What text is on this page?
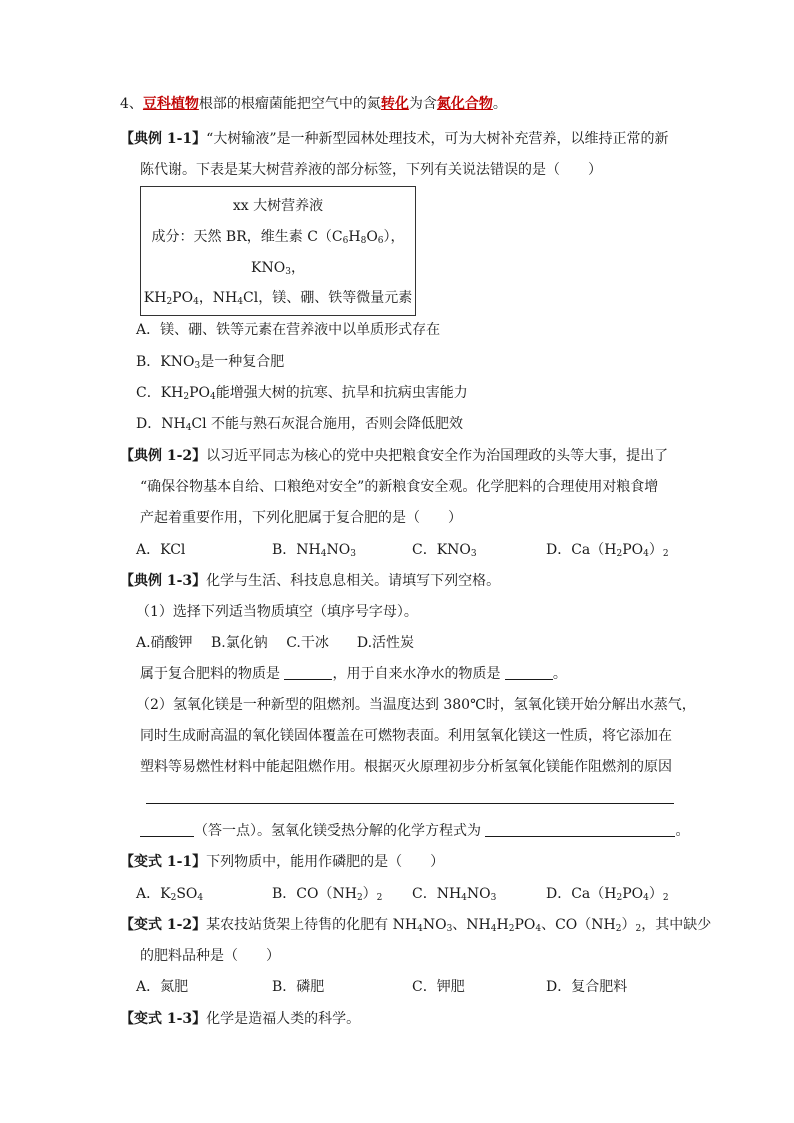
4、豆科植物根部的根瘤菌能把空气中的氮转化为含氮化合物。
【典例 1-1】“大树输液”是一种新型园林处理技术，可为大树补充营养，以维持正常的新
陈代谢。下表是某大树营养液的部分标签，下列有关说法错误的是（　　）
xx 大树营养液
成分：天然 BR，维生素 $C(C_6H_8O_6)$，
$KNO_3$，
$KH_2PO_4$，$NH_4Cl$，镁、硼、铁等微量元素
A．镁、硼、铁等元素在营养液中以单质形式存在
B．$KNO_3$是一种复合肥
C．$KH_2PO_4$能增强大树的抗寒、抗旱和抗病虫害能力
D．$NH_4Cl$ 不能与熟石灰混合施用，否则会降低肥效
【典例 1-2】以习近平同志为核心的党中央把粮食安全作为治国理政的头等大事，提出了
“确保谷物基本自给、口粮绝对安全”的新粮食安全观。化学肥料的合理使用对粮食增
产起着重要作用，下列化肥属于复合肥的是（　　）
A．KCl	B．$NH_4NO_3$	C．$KNO_3$	D．$Ca(H_2PO_4)_2$
【典例 1-3】化学与生活、科技息息相关。请填写下列空格。
（1）选择下列适当物质填空（填序号字母）。
A.硝酸钾　 B.氯化钠　 C.干冰　　D.活性炭
属于复合肥料的物质是	，用于自来水净水的物质是	。
（2）氢氧化镁是一种新型的阻燃剂。当温度达到 380℃时，氢氧化镁开始分解出水蒸气，
同时生成耐高温的氧化镁固体覆盖在可燃物表面。利用氢氧化镁这一性质，将它添加在
塑料等易燃性材料中能起阻燃作用。根据灭火原理初步分析氢氧化镁能作阻燃剂的原因
（答一点）。氢氧化镁受热分解的化学方程式为	。
【变式 1-1】下列物质中，能用作磷肥的是（　　）
A．$K_2SO_4$	B．$CO(NH_2)_2$ C．$NH_4NO_3$	D．$Ca(H_2PO_4)_2$
【变式 1-2】某农技站货架上待售的化肥有 $NH_4NO_3$、$NH_4H_2PO_4$、$CO(NH_2)_2$，其中缺少
的肥料品种是（　　）
A．氮肥	B．磷肥	C．钾肥	D．复合肥料
【变式 1-3】化学是造福人类的科学。
